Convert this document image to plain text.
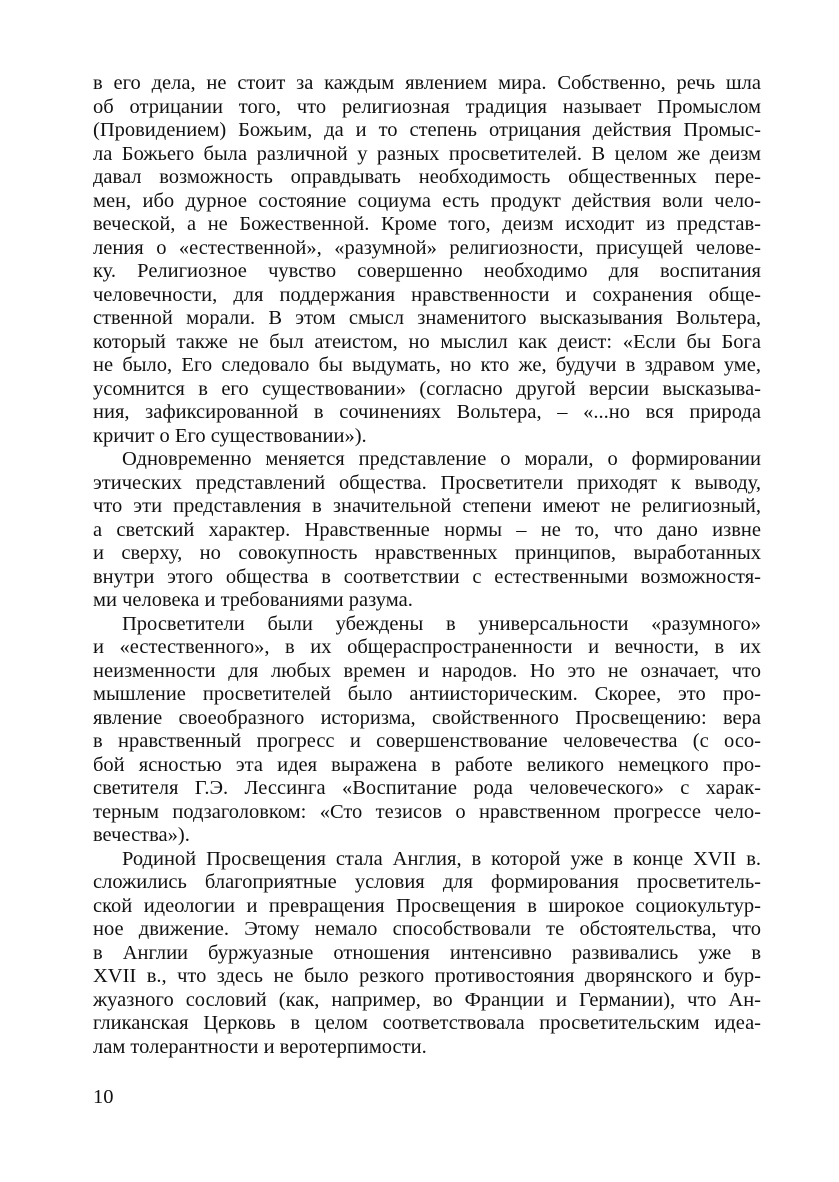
в его дела, не стоит за каждым явлением мира. Собственно, речь шла
об отрицании того, что религиозная традиция называет Промыслом
(Провидением) Божьим, да и то степень отрицания действия Промыс-
ла Божьего была различной у разных просветителей. В целом же деизм
давал возможность оправдывать необходимость общественных пере-
мен, ибо дурное состояние социума есть продукт действия воли чело-
веческой, а не Божественной. Кроме того, деизм исходит из представ-
ления о «естественной», «разумной» религиозности, присущей челове-
ку. Религиозное чувство совершенно необходимо для воспитания
человечности, для поддержания нравственности и сохранения обще-
ственной морали. В этом смысл знаменитого высказывания Вольтера,
который также не был атеистом, но мыслил как деист: «Если бы Бога
не было, Его следовало бы выдумать, но кто же, будучи в здравом уме,
усомнится в его существовании» (согласно другой версии высказыва-
ния, зафиксированной в сочинениях Вольтера, – «...но вся природа
кричит о Его существовании»).
Одновременно меняется представление о морали, о формировании
этических представлений общества. Просветители приходят к выводу,
что эти представления в значительной степени имеют не религиозный,
а светский характер. Нравственные нормы – не то, что дано извне
и сверху, но совокупность нравственных принципов, выработанных
внутри этого общества в соответствии с естественными возможностя-
ми человека и требованиями разума.
Просветители были убеждены в универсальности «разумного»
и «естественного», в их общераспространенности и вечности, в их
неизменности для любых времен и народов. Но это не означает, что
мышление просветителей было антиисторическим. Скорее, это про-
явление своеобразного историзма, свойственного Просвещению: вера
в нравственный прогресс и совершенствование человечества (с осо-
бой ясностью эта идея выражена в работе великого немецкого про-
светителя Г.Э. Лессинга «Воспитание рода человеческого» с харак-
терным подзаголовком: «Сто тезисов о нравственном прогрессе чело-
вечества»).
Родиной Просвещения стала Англия, в которой уже в конце XVII в.
сложились благоприятные условия для формирования просветитель-
ской идеологии и превращения Просвещения в широкое социокультур-
ное движение. Этому немало способствовали те обстоятельства, что
в Англии буржуазные отношения интенсивно развивались уже в
XVII в., что здесь не было резкого противостояния дворянского и бур-
жуазного сословий (как, например, во Франции и Германии), что Ан-
гликанская Церковь в целом соответствовала просветительским идеа-
лам толерантности и веротерпимости.
10
